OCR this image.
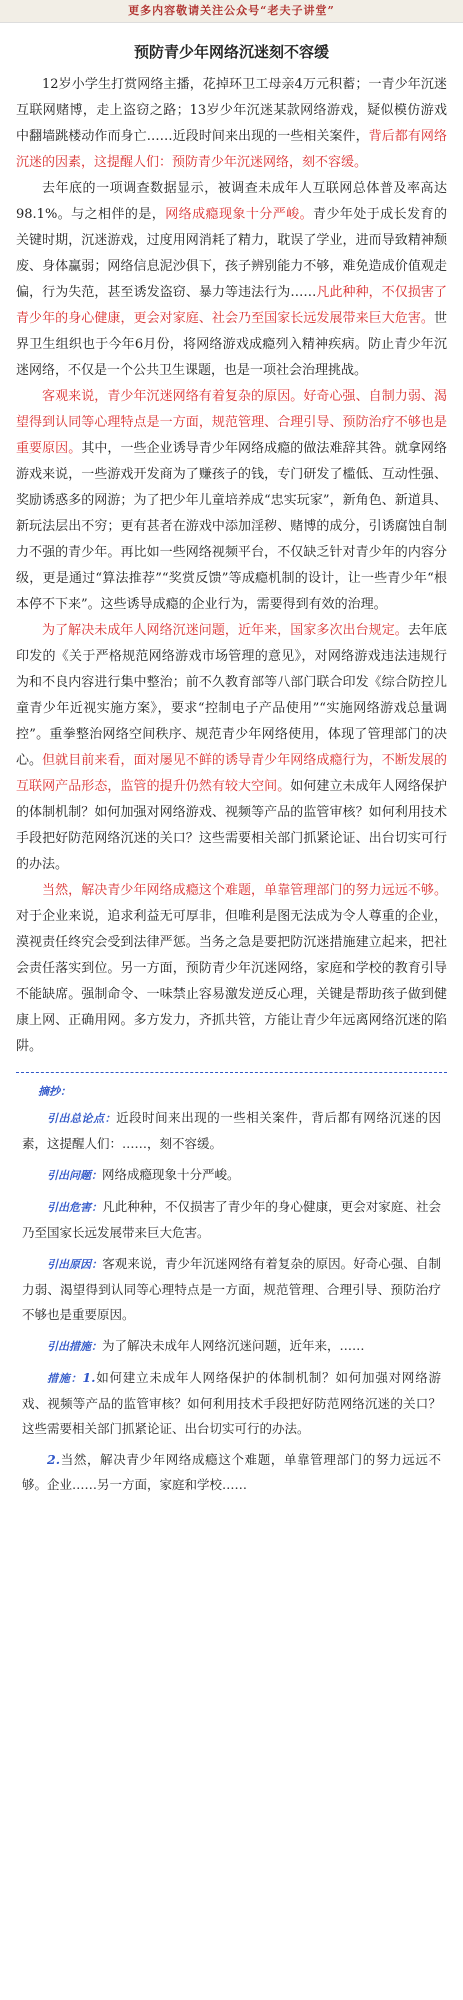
更多内容敬请关注公众号“老夫子讲堂”
预防青少年网络沉迷刻不容缓

12岁小学生打赏网络主播，花掉环卫工母亲4万元积蓄；一青少年沉迷互联网赌博，走上盗窃之路；13岁少年沉迷某款网络游戏，疑似模仿游戏中翻墙跳楼动作而身亡……近段时间来出现的一些相关案件，背后都有网络沉迷的因素，这提醒人们：预防青少年沉迷网络，刻不容缓。

去年底的一项调查数据显示，被调查未成年人互联网总体普及率高达98.1%。与之相伴的是，网络成瘾现象十分严峻。青少年处于成长发育的关键时期，沉迷游戏，过度用网消耗了精力，耽误了学业，进而导致精神颓废、身体赢弱；网络信息泥沙俱下，孩子辨别能力不够，难免造成价值观走偏，行为失范，甚至诱发盗窃、暴力等违法行为……凡此种种，不仅损害了青少年的身心健康，更会对家庭、社会乃至国家长远发展带来巨大危害。世界卫生组织也于今年6月份，将网络游戏成瘾列入精神疾病。防止青少年沉迷网络，不仅是一个公共卫生课题，也是一项社会治理挑战。

客观来说，青少年沉迷网络有着复杂的原因。好奇心强、自制力弱、渴望得到认同等心理特点是一方面，规范管理、合理引导、预防治疗不够也是重要原因。其中，一些企业诱导青少年网络成瘾的做法难辞其咎。就拿网络游戏来说，一些游戏开发商为了赚孩子的钱，专门研发了槛低、互动性强、奖励诱惑多的网游；为了把少年儿童培养成“忠实玩家”，新角色、新道具、新玩法层出不穷；更有甚者在游戏中添加淫秽、赌博的成分，引诱腐蚀自制力不强的青少年。再比如一些网络视频平台，不仅缺乏针对青少年的内容分级，更是通过“算法推荐”“奖赏反馈”等成瘾机制的设计，让一些青少年“根本停不下来”。这些诱导成瘾的企业行为，需要得到有效的治理。

为了解决未成年人网络沉迷问题，近年来，国家多次出台规定。去年底印发的《关于严格规范网络游戏市场管理的意见》，对网络游戏违法违规行为和不良内容进行集中整治；前不久教育部等八部门联合印发《综合防控儿童青少年近视实施方案》，要求“控制电子产品使用”“实施网络游戏总量调控”。重拳整治网络空间秩序、规范青少年网络使用，体现了管理部门的决心。但就目前来看，面对屡见不鲜的诱导青少年网络成瘾行为，不断发展的互联网产品形态，监管的提升仍然有较大空间。如何建立未成年人网络保护的体制机制？如何加强对网络游戏、视频等产品的监管审核？如何利用技术手段把好防范网络沉迷的关口？这些需要相关部门抓紧论证、出台切实可行的办法。

当然，解决青少年网络成瘾这个难题，单靠管理部门的努力远远不够。对于企业来说，追求利益无可厚非，但唯利是图无法成为令人尊重的企业，漠视责任终究会受到法律严惩。当务之急是要把防沉迷措施建立起来，把社会责任落实到位。另一方面，预防青少年沉迷网络，家庭和学校的教育引导不能缺席。强制命令、一味禁止容易激发逆反心理，关键是帮助孩子做到健康上网、正确用网。多方发力，齐抓共管，方能让青少年远离网络沉迷的陷阱。

摘抄：

引出总论点：近段时间来出现的一些相关案件，背后都有网络沉迷的因素，这提醒人们：……，刻不容缓。

引出问题：网络成瘾现象十分严峻。

引出危害：凡此种种，不仅损害了青少年的身心健康，更会对家庭、社会乃至国家长远发展带来巨大危害。

引出原因：客观来说，青少年沉迷网络有着复杂的原因。好奇心强、自制力弱、渴望得到认同等心理特点是一方面，规范管理、合理引导、预防治疗不够也是重要原因。

引出措施：为了解决未成年人网络沉迷问题，近年来，……

措施：1.如何建立未成年人网络保护的体制机制？如何加强对网络游戏、视频等产品的监管审核？如何利用技术手段把好防范网络沉迷的关口？这些需要相关部门抓紧论证、出台切实可行的办法。

2.当然，解决青少年网络成瘾这个难题，单靠管理部门的努力远远不够。企业……另一方面，家庭和学校……
